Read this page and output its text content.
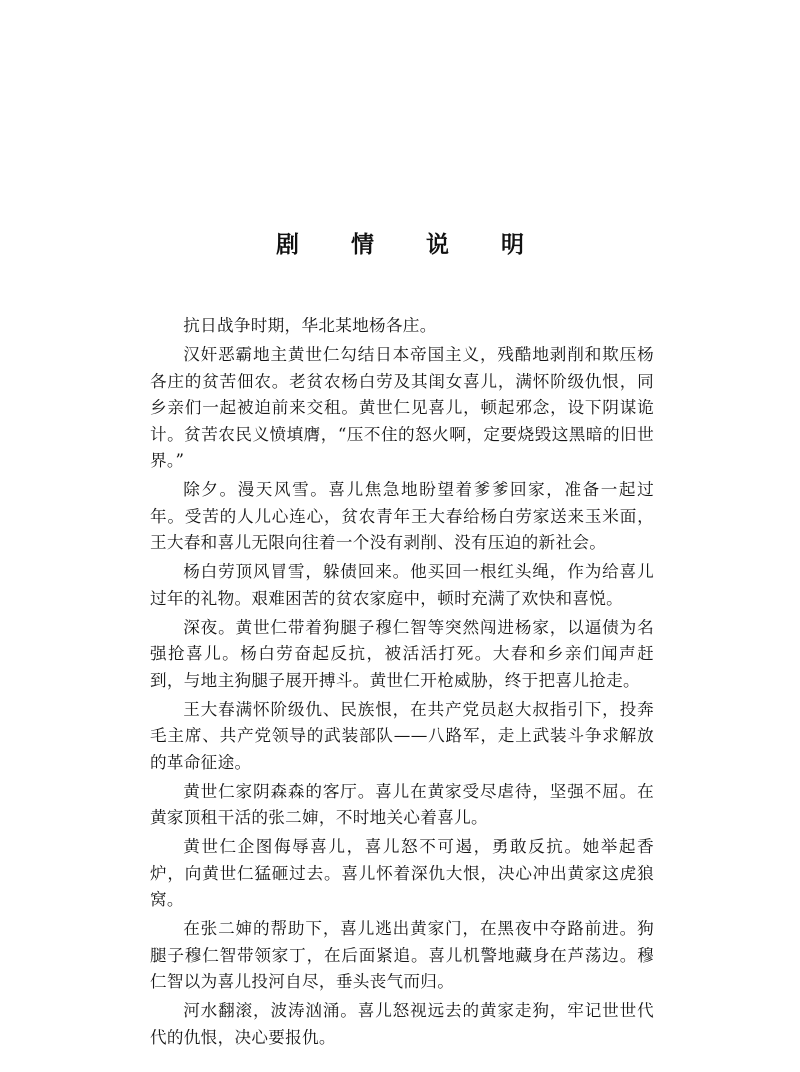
剧 情 说 明

抗日战争时期，华北某地杨各庄。

汉奸恶霸地主黄世仁勾结日本帝国主义，残酷地剥削和欺压杨各庄的贫苦佃农。老贫农杨白劳及其闺女喜儿，满怀阶级仇恨，同乡亲们一起被迫前来交租。黄世仁见喜儿，顿起邪念，设下阴谋诡计。贫苦农民义愤填膺，“压不住的怒火啊，定要烧毁这黑暗的旧世界。”

除夕。漫天风雪。喜儿焦急地盼望着爹爹回家，准备一起过年。受苦的人儿心连心，贫农青年王大春给杨白劳家送来玉米面，王大春和喜儿无限向往着一个没有剥削、没有压迫的新社会。

杨白劳顶风冒雪，躲债回来。他买回一根红头绳，作为给喜儿过年的礼物。艰难困苦的贫农家庭中，顿时充满了欢快和喜悦。

深夜。黄世仁带着狗腿子穆仁智等突然闯进杨家，以逼债为名强抢喜儿。杨白劳奋起反抗，被活活打死。大春和乡亲们闻声赶到，与地主狗腿子展开搏斗。黄世仁开枪威胁，终于把喜儿抢走。

王大春满怀阶级仇、民族恨，在共产党员赵大叔指引下，投奔毛主席、共产党领导的武装部队——八路军，走上武装斗争求解放的革命征途。

黄世仁家阴森森的客厅。喜儿在黄家受尽虐待，坚强不屈。在黄家顶租干活的张二婶，不时地关心着喜儿。

黄世仁企图侮辱喜儿，喜儿怒不可遏，勇敢反抗。她举起香炉，向黄世仁猛砸过去。喜儿怀着深仇大恨，决心冲出黄家这虎狼窝。

在张二婶的帮助下，喜儿逃出黄家门，在黑夜中夺路前进。狗腿子穆仁智带领家丁，在后面紧追。喜儿机警地藏身在芦荡边。穆仁智以为喜儿投河自尽，垂头丧气而归。

河水翻滚，波涛汹涌。喜儿怒视远去的黄家走狗，牢记世世代代的仇恨，决心要报仇。
